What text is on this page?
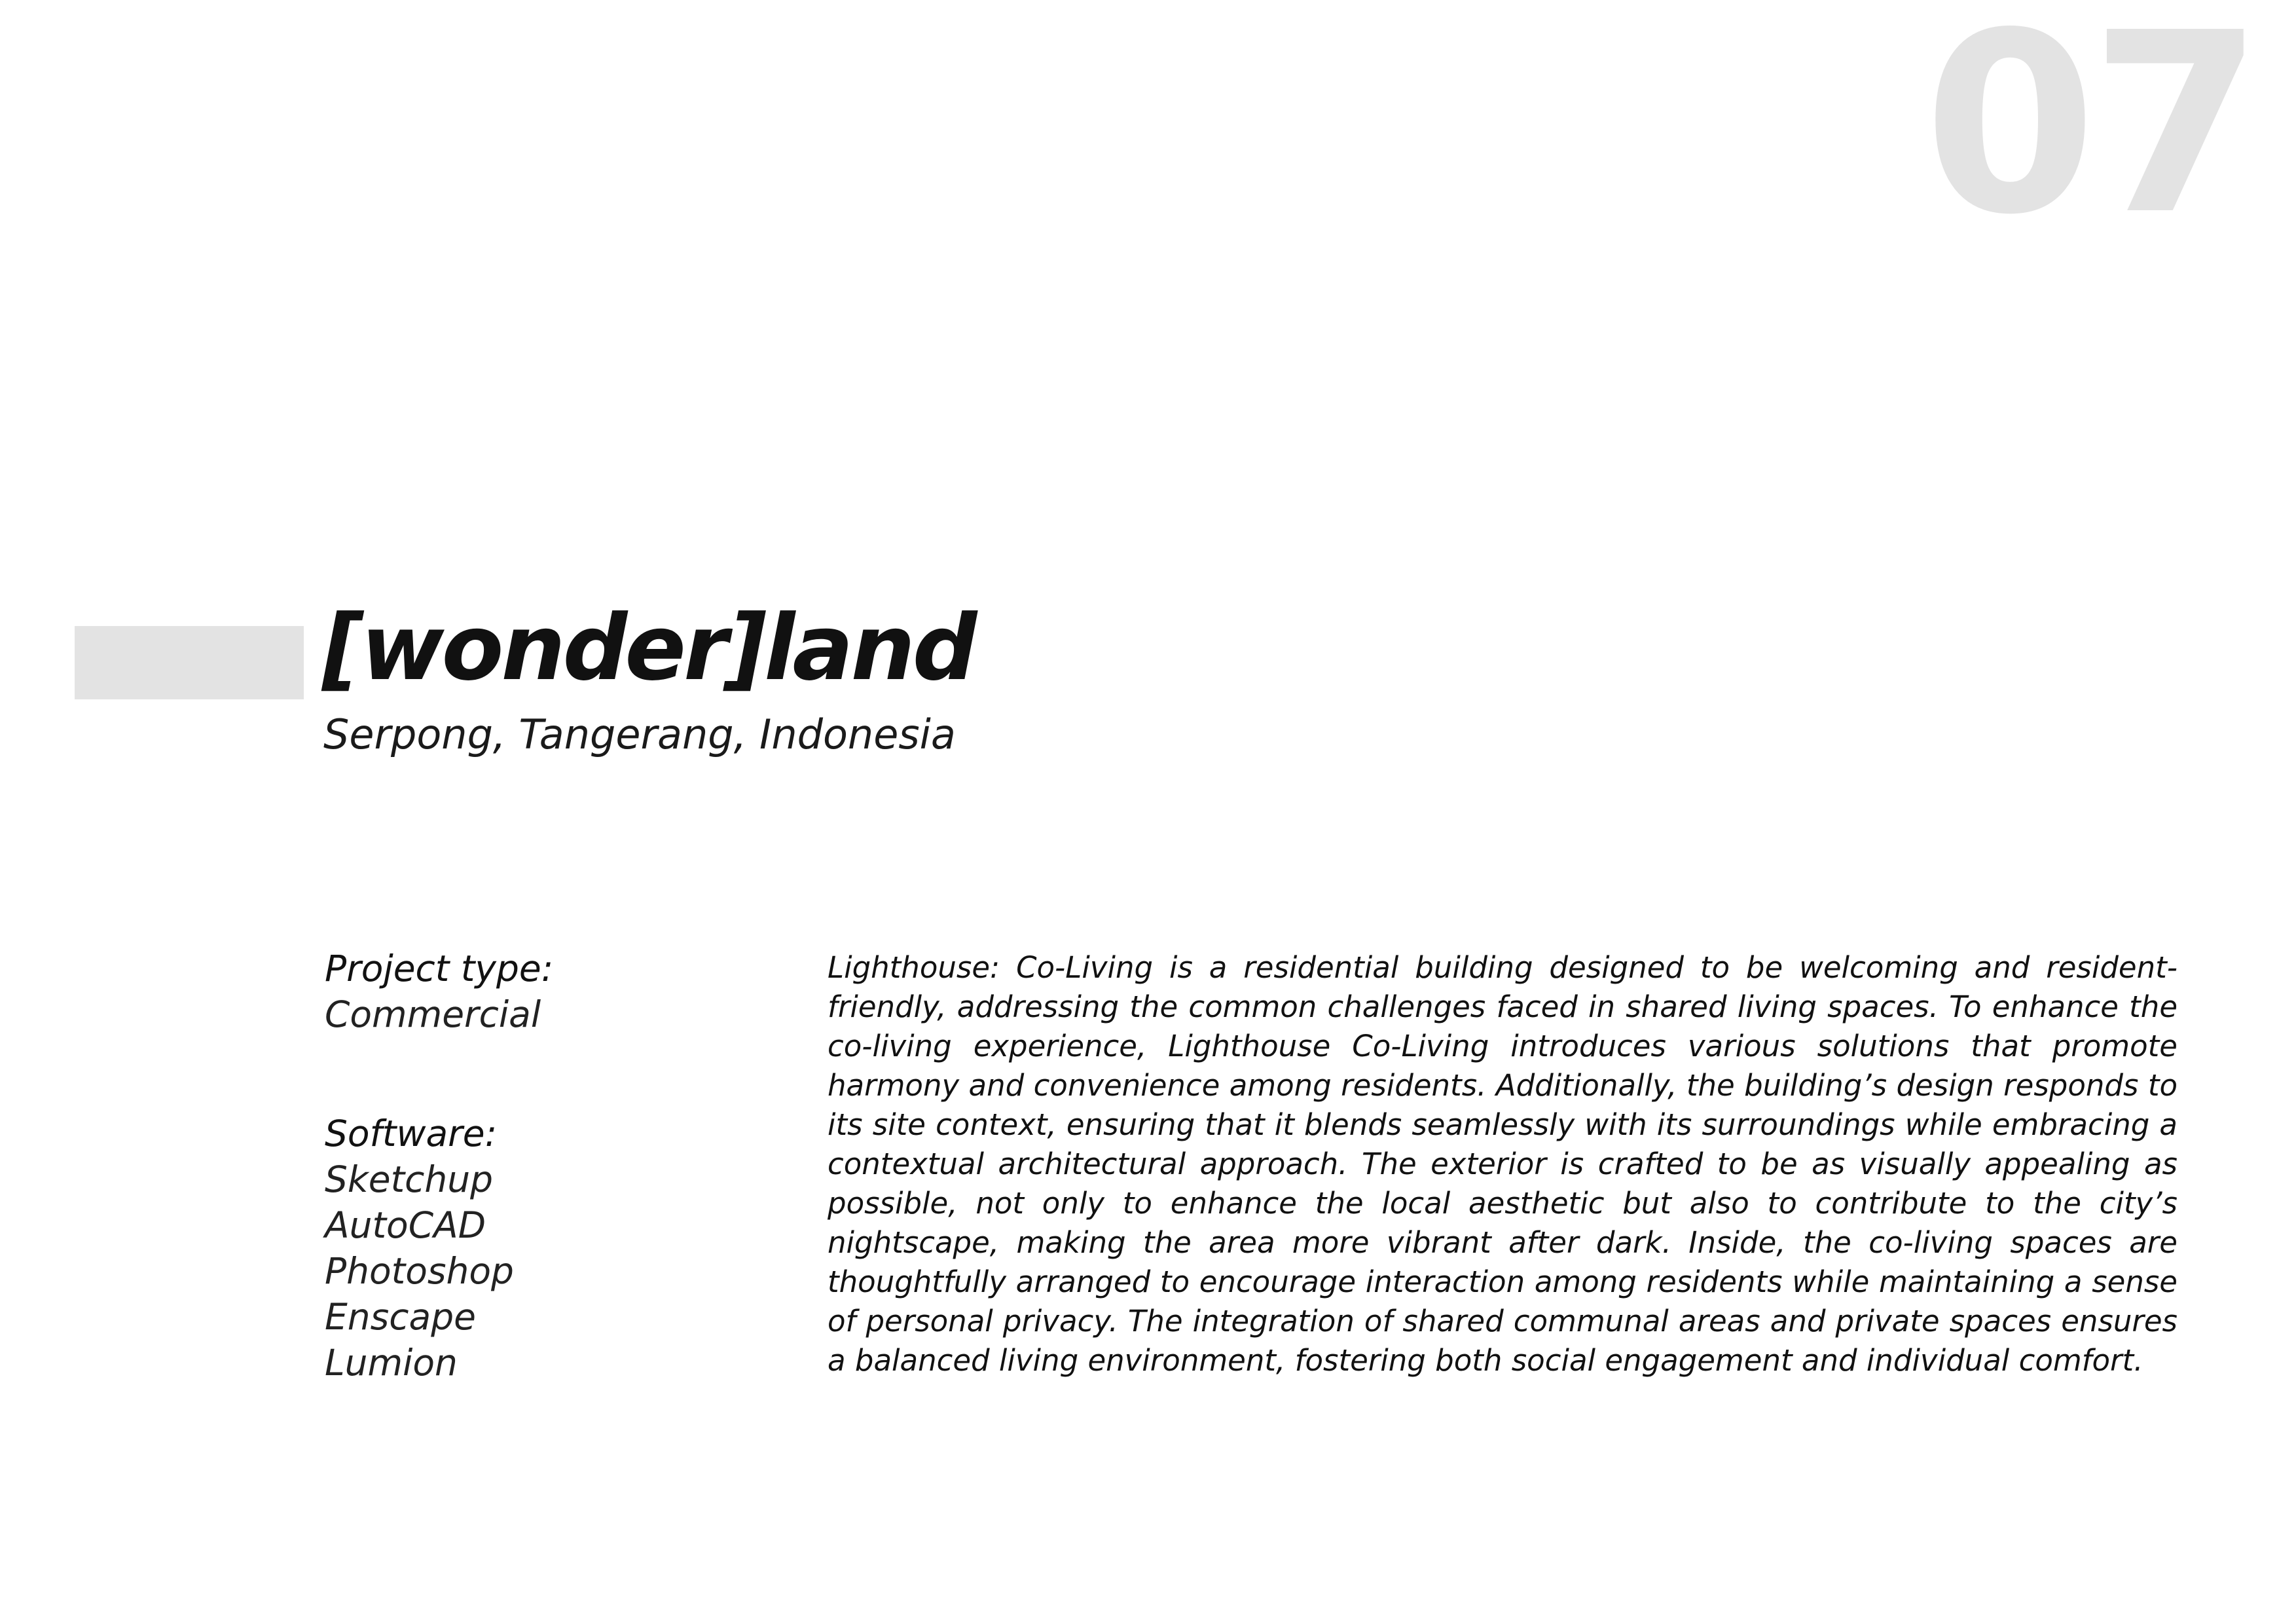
07
[wonder]land
Serpong, Tangerang, Indonesia
Project type:
Commercial
Software:
Sketchup
AutoCAD
Photoshop
Enscape
Lumion

Lighthouse: Co-Living is a residential building designed to be welcoming and resident-friendly, addressing the common challenges faced in shared living spaces. To enhance the co-living experience, Lighthouse Co-Living introduces various solutions that promote harmony and convenience among residents. Additionally, the building’s design responds to its site context, ensuring that it blends seamlessly with its surroundings while embracing a contextual architectural approach. The exterior is crafted to be as visually appealing as possible, not only to enhance the local aesthetic but also to contribute to the city’s nightscape, making the area more vibrant after dark. Inside, the co-living spaces are thoughtfully arranged to encourage interaction among residents while maintaining a sense of personal privacy. The integration of shared communal areas and private spaces ensures a balanced living environment, fostering both social engagement and individual comfort.
